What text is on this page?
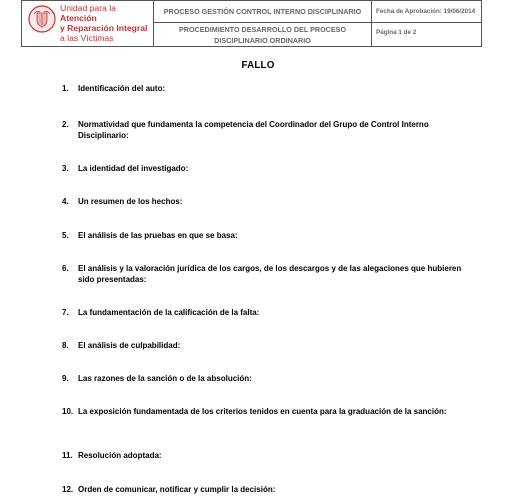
Unidad para la Atención
y Reparación Integral
a las Víctimas
PROCESO GESTIÓN CONTROL INTERNO DISCIPLINARIO
PROCEDIMIENTO DESARROLLO DEL PROCESO DISCIPLINARIO ORDINARIO
Fecha de Aprobación: 19/06/2014
Página 1 de 2
FALLO
1.	Identificación del auto:
2.	Normatividad que fundamenta la competencia del Coordinador del Grupo de Control Interno Disciplinario:
3.	La identidad del investigado:
4.	Un resumen de los hechos:
5.	El análisis de las pruebas en que se basa:
6.	El análisis y la valoración jurídica de los cargos, de los descargos y de las alegaciones que hubieren sido presentadas:
7.	La fundamentación de la calificación de la falta:
8.	El análisis de culpabilidad:
9.	Las razones de la sanción o de la absolución:
10. La exposición fundamentada de los criterios tenidos en cuenta para la graduación de la sanción:
11. Resolución adoptada:
12. Orden de comunicar, notificar y cumplir la decisión:
